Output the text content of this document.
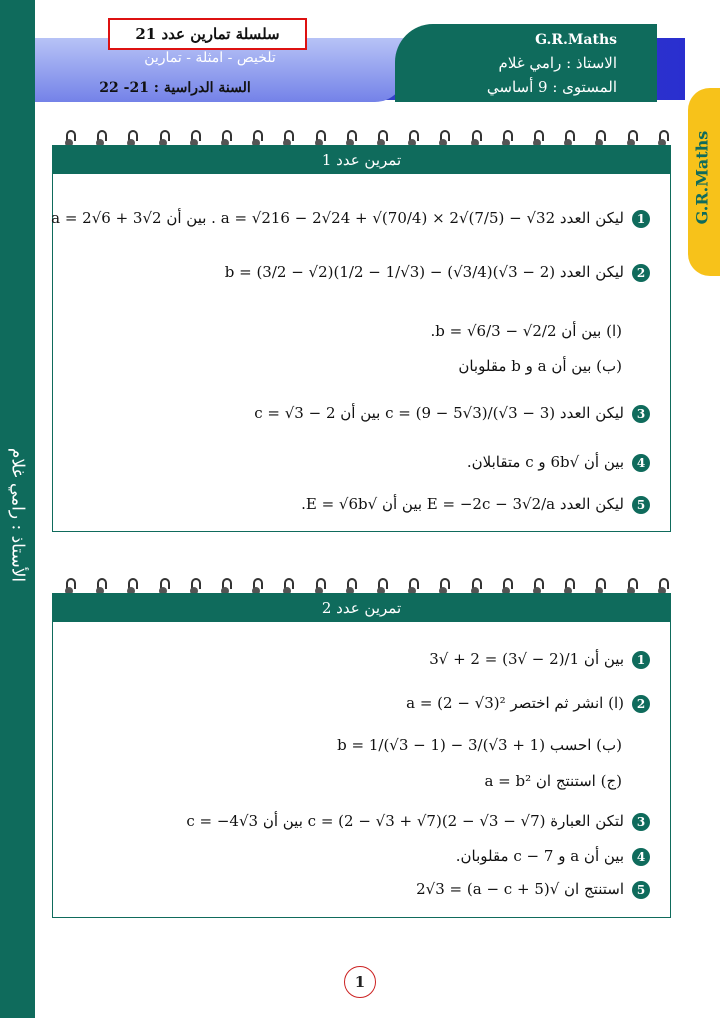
الأستاذ : رامي غلام
سلسلة تمارين عدد 21
تلخيص - امثلة - تمارين
السنة الدراسية : 21- 22
G.R.Maths
الاستاذ : رامي غلام
المستوى : 9 أساسي
G.R.Maths
تمرين عدد 1
1ليكن العدد a = √216 − 2√24 + √(70/4) × 2√(7/5) − √32 . بين أن a = 2√6 + 3√2
2ليكن العدد b = (3/2 − √2)(1/2 − 1/√3) − (√3/4)(√3 − 2)
(ا) بين أن b = √6/3 − √2/2.
(ب) بين أن a و b مقلوبان
3ليكن العدد c = (9 − 5√3)/(√3 − 3) بين أن c = √3 − 2
4بين أن √6b و c متقابلان.
5ليكن العدد E = −2c − 3√2/a بين أن √E = √6b.
تمرين عدد 2
1بين أن 1/(2 − √3) = 2 + √3
2(ا) انشر ثم اختصر a = (2 − √3)²
(ب) احسب b = 1/(√3 − 1) − 3/(√3 + 1)
(ج) استنتج ان a = b²
3لتكن العبارة c = (2 − √3 + √7)(2 − √3 − √7) بين أن c = −4√3
4بين أن a و c − 7 مقلوبان.
5استنتج ان √(5 + a − c) = 2√3
1
